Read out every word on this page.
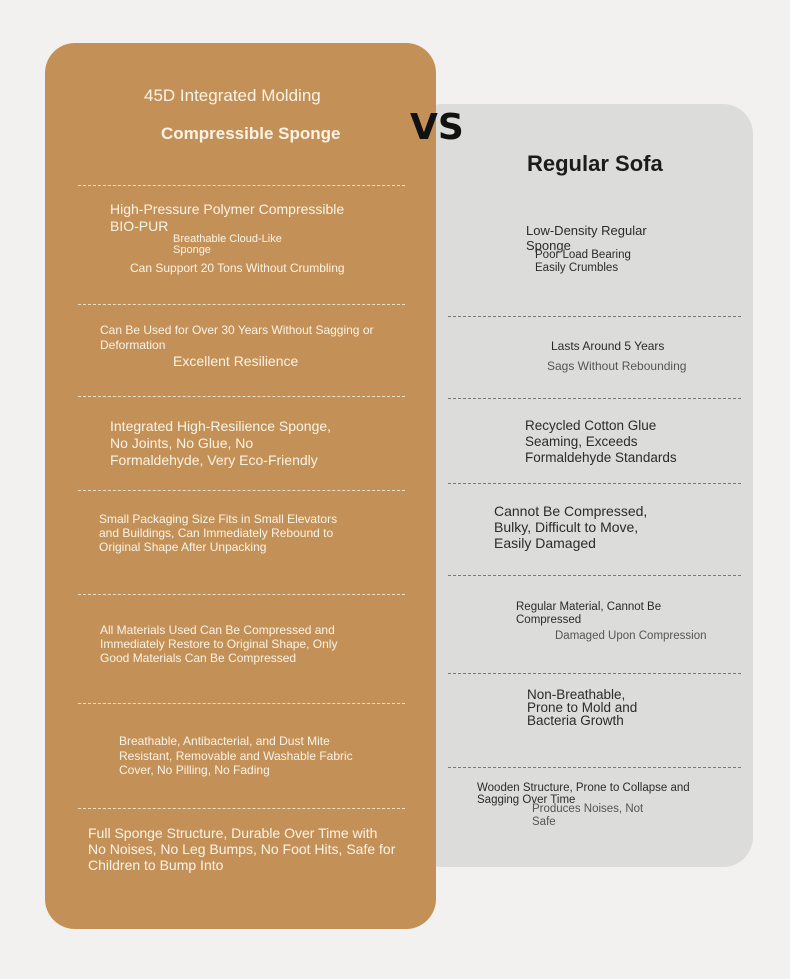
45D Integrated Molding

Compressible Sponge

High-Pressure Polymer Compressible BIO-PUR

Breathable Cloud-Like Sponge

Can Support 20 Tons Without Crumbling

Can Be Used for Over 30 Years Without Sagging or Deformation

Excellent Resilience

Integrated High-Resilience Sponge, No Joints, No Glue, No Formaldehyde, Very Eco-Friendly

Small Packaging Size Fits in Small Elevators and Buildings, Can Immediately Rebound to Original Shape After Unpacking

All Materials Used Can Be Compressed and Immediately Restore to Original Shape, Only Good Materials Can Be Compressed

Breathable, Antibacterial, and Dust Mite Resistant, Removable and Washable Fabric Cover, No Pilling, No Fading

Full Sponge Structure, Durable Over Time with No Noises, No Leg Bumps, No Foot Hits, Safe for Children to Bump Into

VS

Regular Sofa

Low-Density Regular Sponge

Poor Load Bearing Easily Crumbles

Lasts Around 5 Years

Sags Without Rebounding

Recycled Cotton Glue Seaming, Exceeds Formaldehyde Standards

Cannot Be Compressed, Bulky, Difficult to Move, Easily Damaged

Regular Material, Cannot Be Compressed

Damaged Upon Compression

Non-Breathable, Prone to Mold and Bacteria Growth

Wooden Structure, Prone to Collapse and Sagging Over Time

Produces Noises, Not Safe
